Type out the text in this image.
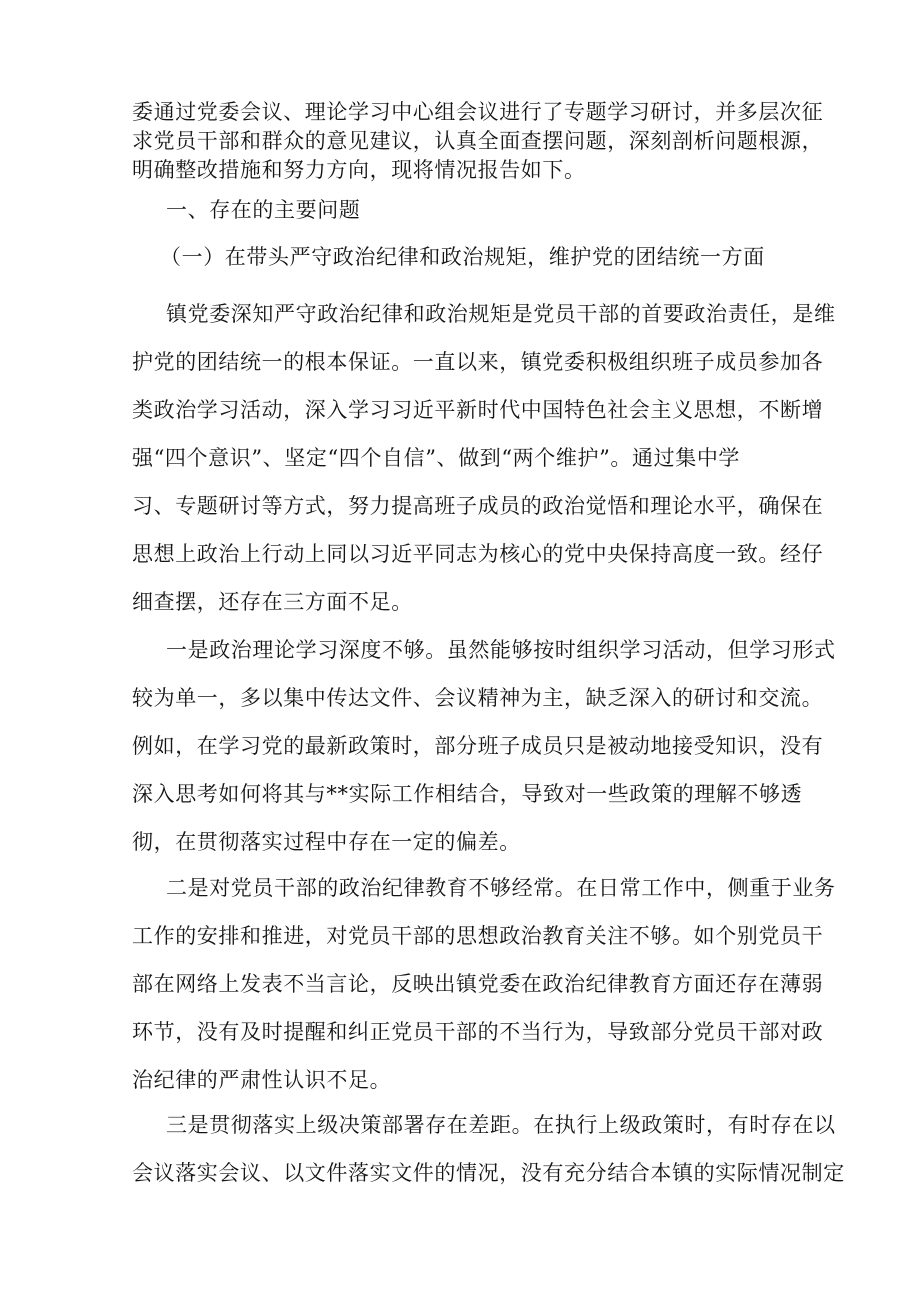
委通过党委会议、理论学习中心组会议进行了专题学习研讨，并多层次征
求党员干部和群众的意见建议，认真全面查摆问题，深刻剖析问题根源，
明确整改措施和努力方向，现将情况报告如下。
一、存在的主要问题
（一）在带头严守政治纪律和政治规矩，维护党的团结统一方面
镇党委深知严守政治纪律和政治规矩是党员干部的首要政治责任，是维
护党的团结统一的根本保证。一直以来，镇党委积极组织班子成员参加各
类政治学习活动，深入学习习近平新时代中国特色社会主义思想，不断增
强“四个意识”、坚定“四个自信”、做到“两个维护”。通过集中学
习、专题研讨等方式，努力提高班子成员的政治觉悟和理论水平，确保在
思想上政治上行动上同以习近平同志为核心的党中央保持高度一致。经仔
细查摆，还存在三方面不足。
一是政治理论学习深度不够。虽然能够按时组织学习活动，但学习形式
较为单一，多以集中传达文件、会议精神为主，缺乏深入的研讨和交流。
例如，在学习党的最新政策时，部分班子成员只是被动地接受知识，没有
深入思考如何将其与**实际工作相结合，导致对一些政策的理解不够透
彻，在贯彻落实过程中存在一定的偏差。
二是对党员干部的政治纪律教育不够经常。在日常工作中，侧重于业务
工作的安排和推进，对党员干部的思想政治教育关注不够。如个别党员干
部在网络上发表不当言论，反映出镇党委在政治纪律教育方面还存在薄弱
环节，没有及时提醒和纠正党员干部的不当行为，导致部分党员干部对政
治纪律的严肃性认识不足。
三是贯彻落实上级决策部署存在差距。在执行上级政策时，有时存在以
会议落实会议、以文件落实文件的情况，没有充分结合本镇的实际情况制定
